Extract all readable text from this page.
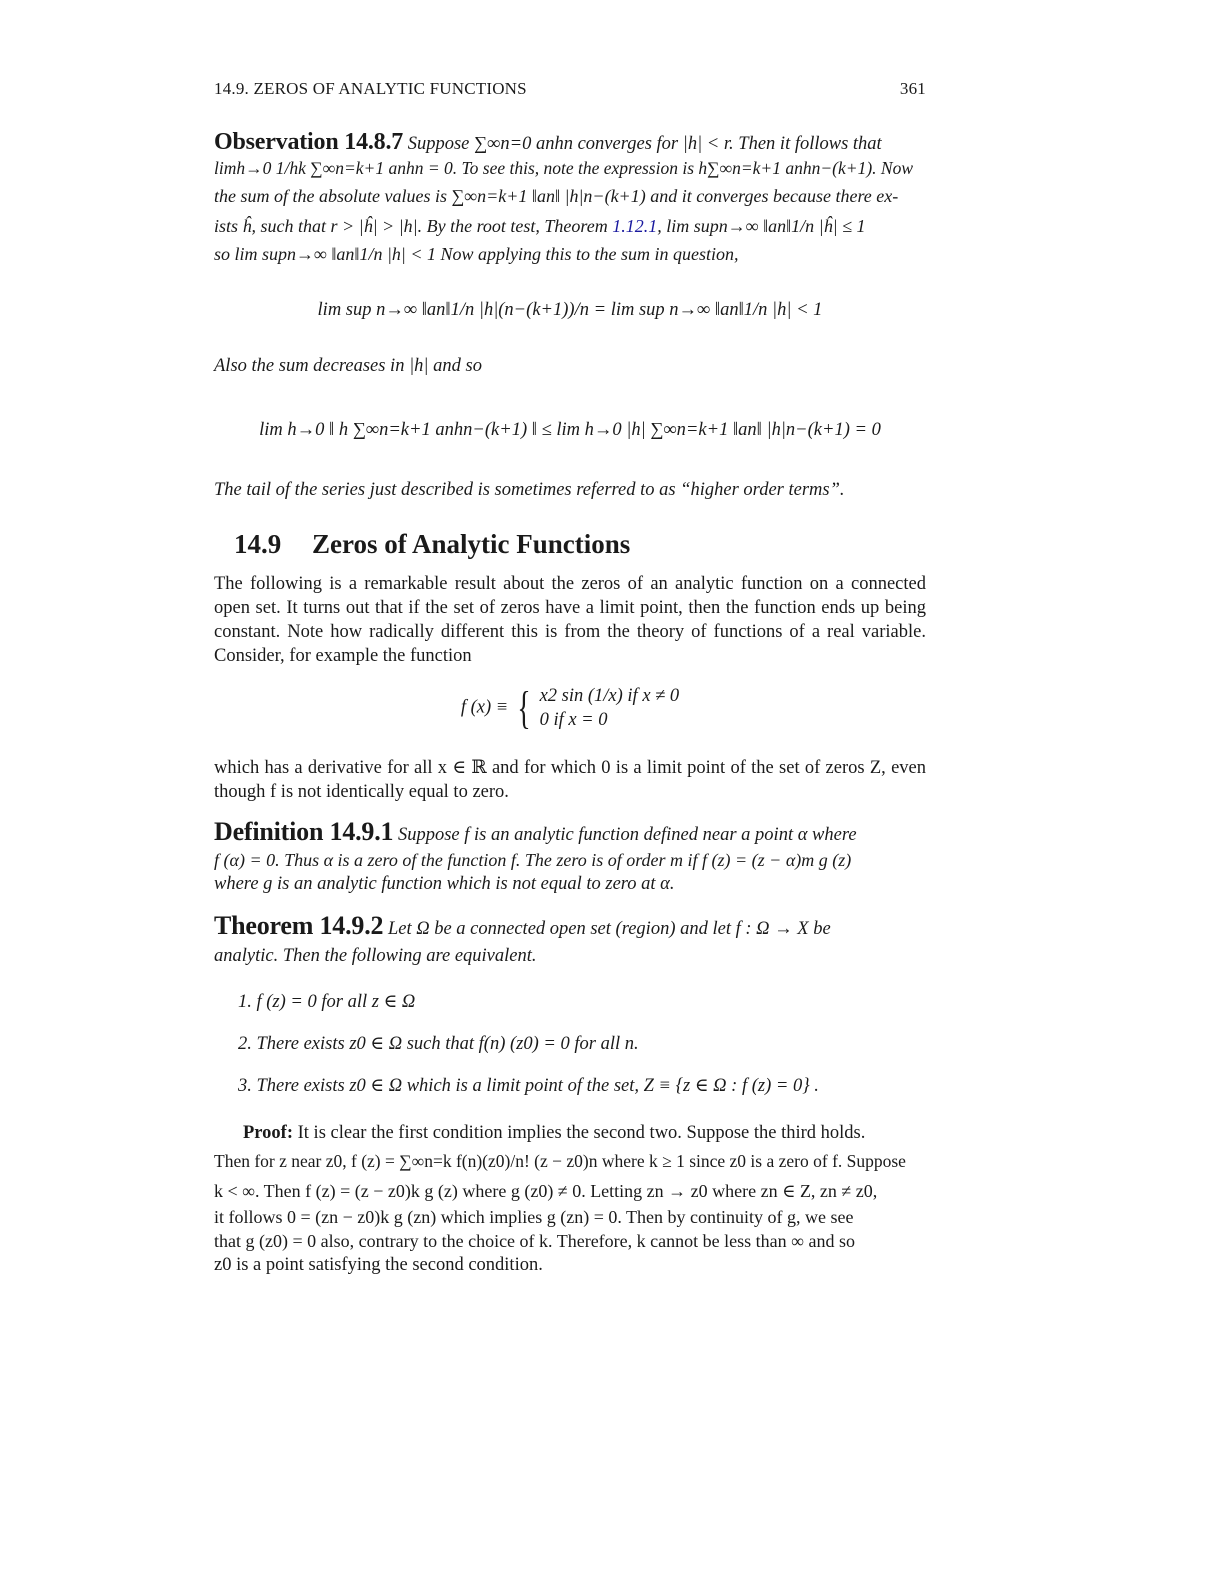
14.9. ZEROS OF ANALYTIC FUNCTIONS	361
Observation 14.8.7 Suppose ∑∞n=0 anhn converges for |h| < r. Then it follows that
limh→0 1/hk ∑∞n=k+1 anhn = 0. To see this, note the expression is h∑∞n=k+1 anhn−(k+1). Now
the sum of the absolute values is ∑∞n=k+1 ‖an‖ |h|n−(k+1) and it converges because there ex-
ists ĥ, such that r > |ĥ| > |h|. By the root test, Theorem 1.12.1, lim supn→∞ ‖an‖1/n |ĥ| ≤ 1
so lim supn→∞ ‖an‖1/n |h| < 1 Now applying this to the sum in question,
lim sup n→∞ ‖an‖1/n |h|(n−(k+1))/n = lim sup n→∞ ‖an‖1/n |h| < 1
Also the sum decreases in |h| and so
lim h→0 ‖ h ∑∞n=k+1 anhn−(k+1) ‖ ≤ lim h→0 |h| ∑∞n=k+1 ‖an‖ |h|n−(k+1) = 0
The tail of the series just described is sometimes referred to as “higher order terms”.
14.9 Zeros of Analytic Functions
The following is a remarkable result about the zeros of an analytic function on a connected open set. It turns out that if the set of zeros have a limit point, then the function ends up being constant. Note how radically different this is from the theory of functions of a real variable. Consider, for example the function
f (x) ≡ { x2 sin (1/x) if x ≠ 0
0 if x = 0
which has a derivative for all x ∈ ℝ and for which 0 is a limit point of the set of zeros Z, even though f is not identically equal to zero.
Definition 14.9.1 Suppose f is an analytic function defined near a point α where
f (α) = 0. Thus α is a zero of the function f. The zero is of order m if f (z) = (z − α)m g (z)
where g is an analytic function which is not equal to zero at α.
Theorem 14.9.2 Let Ω be a connected open set (region) and let f : Ω → X be
analytic. Then the following are equivalent.
1. f (z) = 0 for all z ∈ Ω
2. There exists z0 ∈ Ω such that f(n) (z0) = 0 for all n.
3. There exists z0 ∈ Ω which is a limit point of the set, Z ≡ {z ∈ Ω : f (z) = 0} .
Proof: It is clear the first condition implies the second two. Suppose the third holds.
Then for z near z0, f (z) = ∑∞n=k f(n)(z0)/n! (z − z0)n where k ≥ 1 since z0 is a zero of f. Suppose
k < ∞. Then f (z) = (z − z0)k g (z) where g (z0) ≠ 0. Letting zn → z0 where zn ∈ Z, zn ≠ z0,
it follows 0 = (zn − z0)k g (zn) which implies g (zn) = 0. Then by continuity of g, we see
that g (z0) = 0 also, contrary to the choice of k. Therefore, k cannot be less than ∞ and so
z0 is a point satisfying the second condition.
